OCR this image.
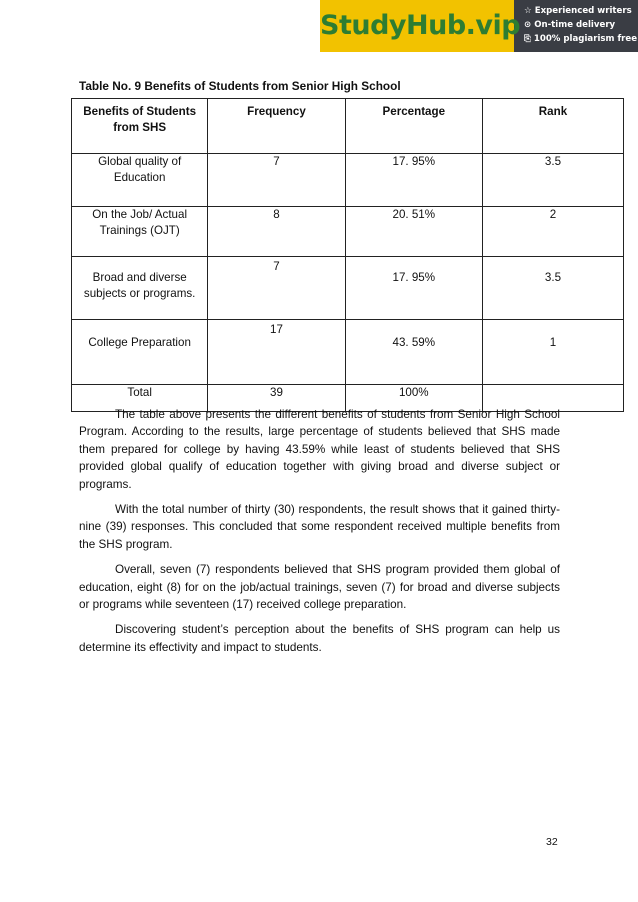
StudyHub.vip ☆ Experienced writers
⊙ On-time delivery
⎘ 100% plagiarism free
Table No. 9 Benefits of Students from Senior High School
Benefits of Students from SHS	Frequency	Percentage	Rank
Global quality of Education	7	17. 95%	3.5
On the Job/ Actual Trainings (OJT)	8	20. 51%	2
Broad and diverse subjects or programs.	7	17. 95%	3.5
College Preparation	17	43. 59%	1
Total	39	100%	

The table above presents the different benefits of students from Senior High School Program. According to the results, large percentage of students believed that SHS made them prepared for college by having 43.59% while least of students believed that SHS provided global qualify of education together with giving broad and diverse subject or programs.

With the total number of thirty (30) respondents, the result shows that it gained thirty-nine (39) responses. This concluded that some respondent received multiple benefits from the SHS program.

Overall, seven (7) respondents believed that SHS program provided them global of education, eight (8) for on the job/actual trainings, seven (7) for broad and diverse subjects or programs while seventeen (17) received college preparation.

Discovering student’s perception about the benefits of SHS program can help us determine its effectivity and impact to students.

32
